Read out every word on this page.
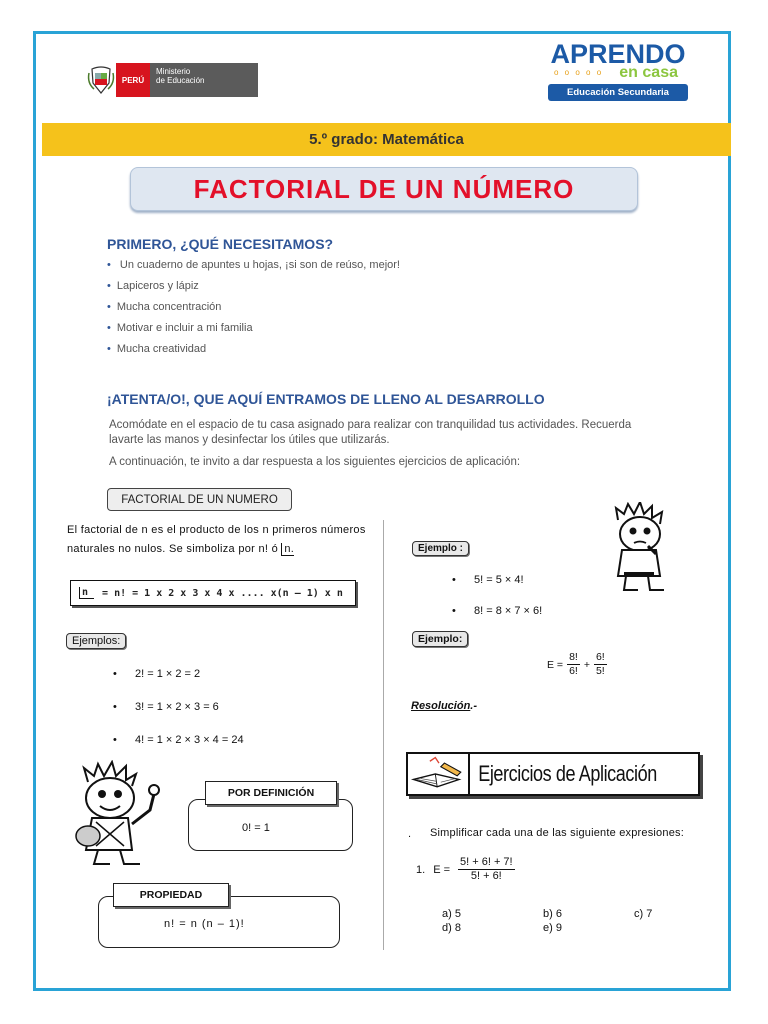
PERÚ
Ministerio
de Educación
APRENDO
o o o o o	en casa
Educación Secundaria
5.º grado: Matemática
FACTORIAL DE UN NÚMERO
PRIMERO, ¿QUÉ NECESITAMOS?
• Un cuaderno de apuntes u hojas, ¡si son de reúso, mejor!
• Lapiceros y lápiz
• Mucha concentración
• Motivar e incluir a mi familia
• Mucha creatividad
¡ATENTA/O!, QUE AQUÍ ENTRAMOS DE LLENO AL DESARROLLO
Acomódate en el espacio de tu casa asignado para realizar con tranquilidad tus actividades. Recuerda lavarte las manos y desinfectar los útiles que utilizarás.
A continuación, te invito a dar respuesta a los siguientes ejercicios de aplicación:
FACTORIAL DE UN NUMERO
El factorial de n es el producto de los n primeros números naturales no nulos. Se simboliza por n! ó n.
n	= n! = 1 x 2 x 3 x 4 x .... x(n – 1) x n
Ejemplos:
• 2! = 1 × 2 = 2
• 3! = 1 × 2 × 3 = 6
• 4! = 1 × 2 × 3 × 4 = 24
POR DEFINICIÓN
0! = 1
PROPIEDAD
n! = n (n – 1)!
Ejemplo :
• 5! = 5 × 4!
• 8! = 8 × 7 × 6!
Ejemplo:
$E = \frac{8!}{6!} + \frac{6!}{5!}$
Resolución.-
Ejercicios de Aplicación
. Simplificar cada una de las siguiente expresiones:
1. $E = \frac{5! + 6! + 7!}{5! + 6!}$
a) 5	b) 6	c) 7
d) 8	e) 9
